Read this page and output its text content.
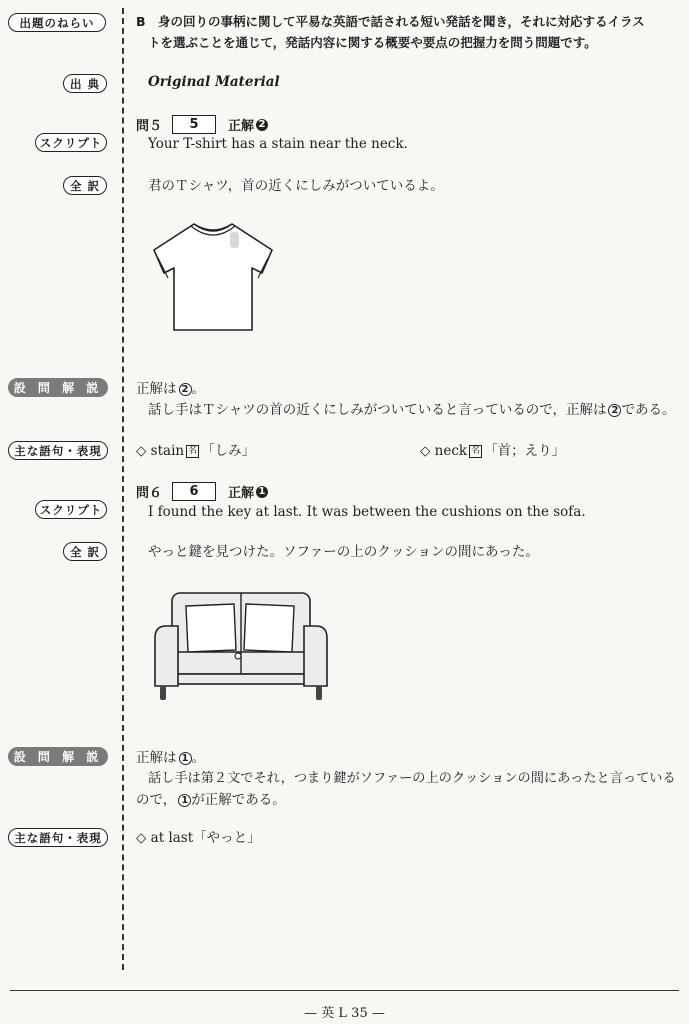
出題のねらい
出 典
スクリプト
全 訳
設 問 解 説
主な語句・表現
スクリプト
全 訳
設 問 解 説
主な語句・表現
B　身の回りの事柄に関して平易な英語で話される短い発話を聞き，それに対応するイラス
トを選ぶことを通じて，発話内容に関する概要や要点の把握力を問う問題です。
Original Material
問５	5	正解 2
Your T-shirt has a stain near the neck.
君のＴシャツ，首の近くにしみがついているよ。
正解は 2 。
話し手はＴシャツの首の近くにしみがついていると言っているので，正解は 2 である。
◇ stain 名 「しみ」	◇ neck 名 「首；えり」
問６	6	正解 1
I found the key at last. It was between the cushions on the sofa.
やっと鍵を見つけた。ソファーの上のクッションの間にあった。
正解は 1 。
話し手は第２文でそれ，つまり鍵がソファーの上のクッションの間にあったと言っている
ので， 1 が正解である。
◇ at last「やっと」
— 英 L 35 —
